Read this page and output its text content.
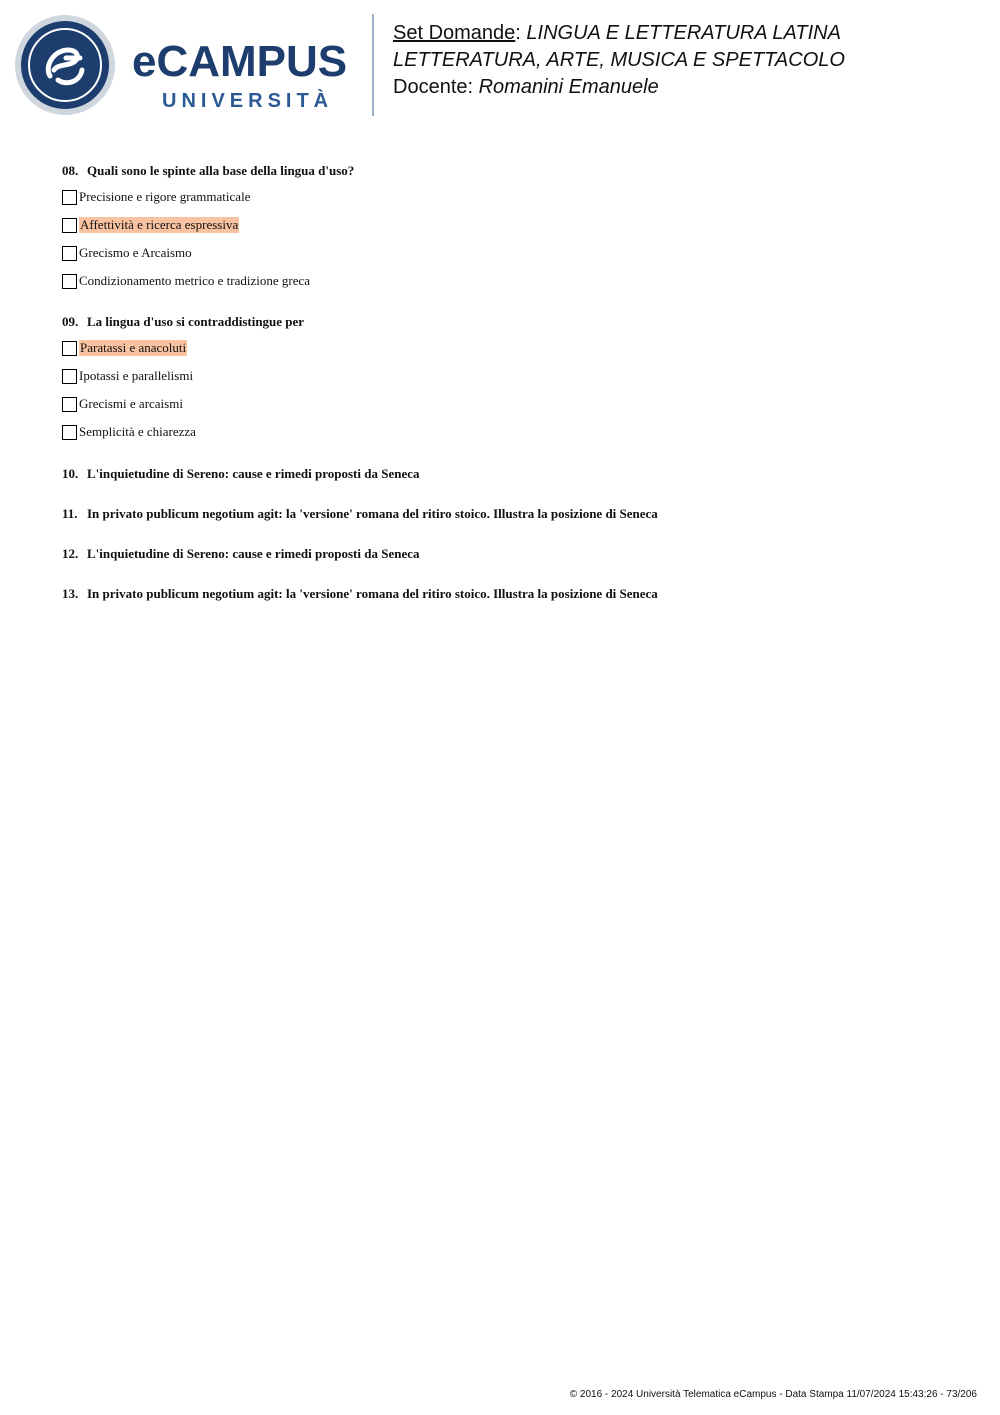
eCAMPUS
UNIVERSITÀ
Set Domande: LINGUA E LETTERATURA LATINA
LETTERATURA, ARTE, MUSICA E SPETTACOLO
Docente: Romanini Emanuele
08. Quali sono le spinte alla base della lingua d'uso?
Precisione e rigore grammaticale
Affettività e ricerca espressiva
Grecismo e Arcaismo
Condizionamento metrico e tradizione greca
09. La lingua d'uso si contraddistingue per
Paratassi e anacoluti
Ipotassi e parallelismi
Grecismi e arcaismi
Semplicità e chiarezza
10. L'inquietudine di Sereno: cause e rimedi proposti da Seneca
11. In privato publicum negotium agit: la 'versione' romana del ritiro stoico. Illustra la posizione di Seneca
12. L'inquietudine di Sereno: cause e rimedi proposti da Seneca
13. In privato publicum negotium agit: la 'versione' romana del ritiro stoico. Illustra la posizione di Seneca
© 2016 - 2024 Università Telematica eCampus - Data Stampa 11/07/2024 15:43:26 - 73/206
